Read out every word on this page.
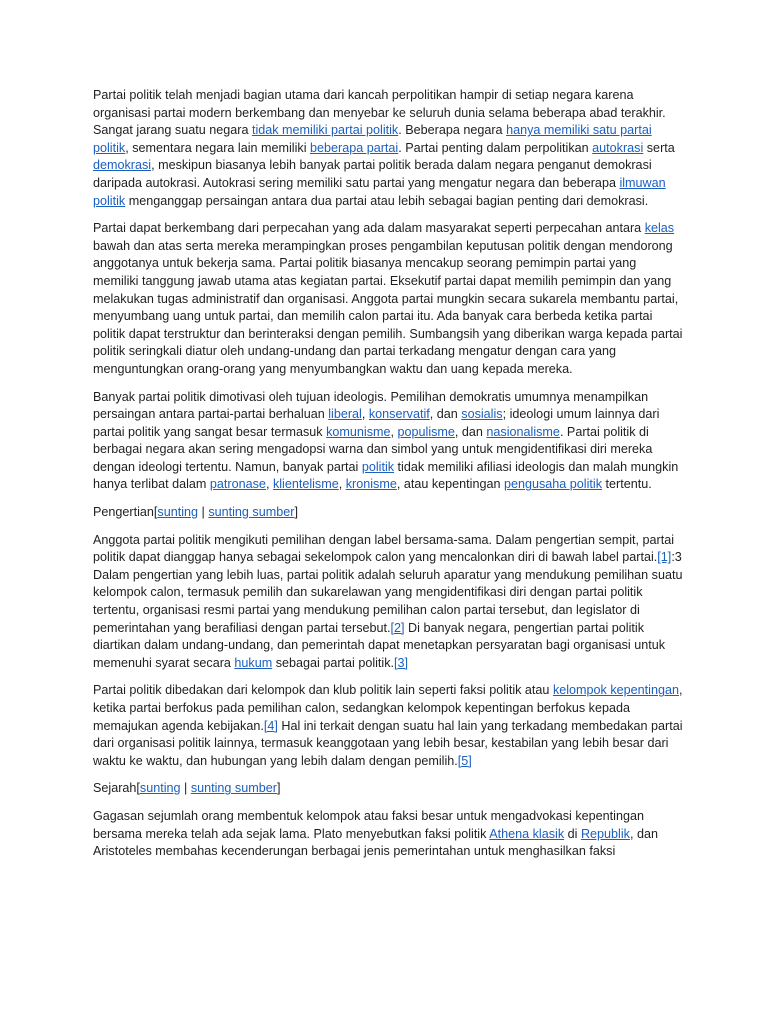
Partai politik telah menjadi bagian utama dari kancah perpolitikan hampir di setiap negara karena organisasi partai modern berkembang dan menyebar ke seluruh dunia selama beberapa abad terakhir. Sangat jarang suatu negara tidak memiliki partai politik. Beberapa negara hanya memiliki satu partai politik, sementara negara lain memiliki beberapa partai. Partai penting dalam perpolitikan autokrasi serta demokrasi, meskipun biasanya lebih banyak partai politik berada dalam negara penganut demokrasi daripada autokrasi. Autokrasi sering memiliki satu partai yang mengatur negara dan beberapa ilmuwan politik menganggap persaingan antara dua partai atau lebih sebagai bagian penting dari demokrasi.

Partai dapat berkembang dari perpecahan yang ada dalam masyarakat seperti perpecahan antara kelas bawah dan atas serta mereka merampingkan proses pengambilan keputusan politik dengan mendorong anggotanya untuk bekerja sama. Partai politik biasanya mencakup seorang pemimpin partai yang memiliki tanggung jawab utama atas kegiatan partai. Eksekutif partai dapat memilih pemimpin dan yang melakukan tugas administratif dan organisasi. Anggota partai mungkin secara sukarela membantu partai, menyumbang uang untuk partai, dan memilih calon partai itu. Ada banyak cara berbeda ketika partai politik dapat terstruktur dan berinteraksi dengan pemilih. Sumbangsih yang diberikan warga kepada partai politik seringkali diatur oleh undang-undang dan partai terkadang mengatur dengan cara yang menguntungkan orang-orang yang menyumbangkan waktu dan uang kepada mereka.

Banyak partai politik dimotivasi oleh tujuan ideologis. Pemilihan demokratis umumnya menampilkan persaingan antara partai-partai berhaluan liberal, konservatif, dan sosialis; ideologi umum lainnya dari partai politik yang sangat besar termasuk komunisme, populisme, dan nasionalisme. Partai politik di berbagai negara akan sering mengadopsi warna dan simbol yang untuk mengidentifikasi diri mereka dengan ideologi tertentu. Namun, banyak partai politik tidak memiliki afiliasi ideologis dan malah mungkin hanya terlibat dalam patronase, klientelisme, kronisme, atau kepentingan pengusaha politik tertentu.

Pengertian[sunting | sunting sumber]

Anggota partai politik mengikuti pemilihan dengan label bersama-sama. Dalam pengertian sempit, partai politik dapat dianggap hanya sebagai sekelompok calon yang mencalonkan diri di bawah label partai.[1]:3 Dalam pengertian yang lebih luas, partai politik adalah seluruh aparatur yang mendukung pemilihan suatu kelompok calon, termasuk pemilih dan sukarelawan yang mengidentifikasi diri dengan partai politik tertentu, organisasi resmi partai yang mendukung pemilihan calon partai tersebut, dan legislator di pemerintahan yang berafiliasi dengan partai tersebut.[2] Di banyak negara, pengertian partai politik diartikan dalam undang-undang, dan pemerintah dapat menetapkan persyaratan bagi organisasi untuk memenuhi syarat secara hukum sebagai partai politik.[3]

Partai politik dibedakan dari kelompok dan klub politik lain seperti faksi politik atau kelompok kepentingan, ketika partai berfokus pada pemilihan calon, sedangkan kelompok kepentingan berfokus kepada memajukan agenda kebijakan.[4] Hal ini terkait dengan suatu hal lain yang terkadang membedakan partai dari organisasi politik lainnya, termasuk keanggotaan yang lebih besar, kestabilan yang lebih besar dari waktu ke waktu, dan hubungan yang lebih dalam dengan pemilih.[5]

Sejarah[sunting | sunting sumber]

Gagasan sejumlah orang membentuk kelompok atau faksi besar untuk mengadvokasi kepentingan bersama mereka telah ada sejak lama. Plato menyebutkan faksi politik Athena klasik di Republik, dan Aristoteles membahas kecenderungan berbagai jenis pemerintahan untuk menghasilkan faksi
